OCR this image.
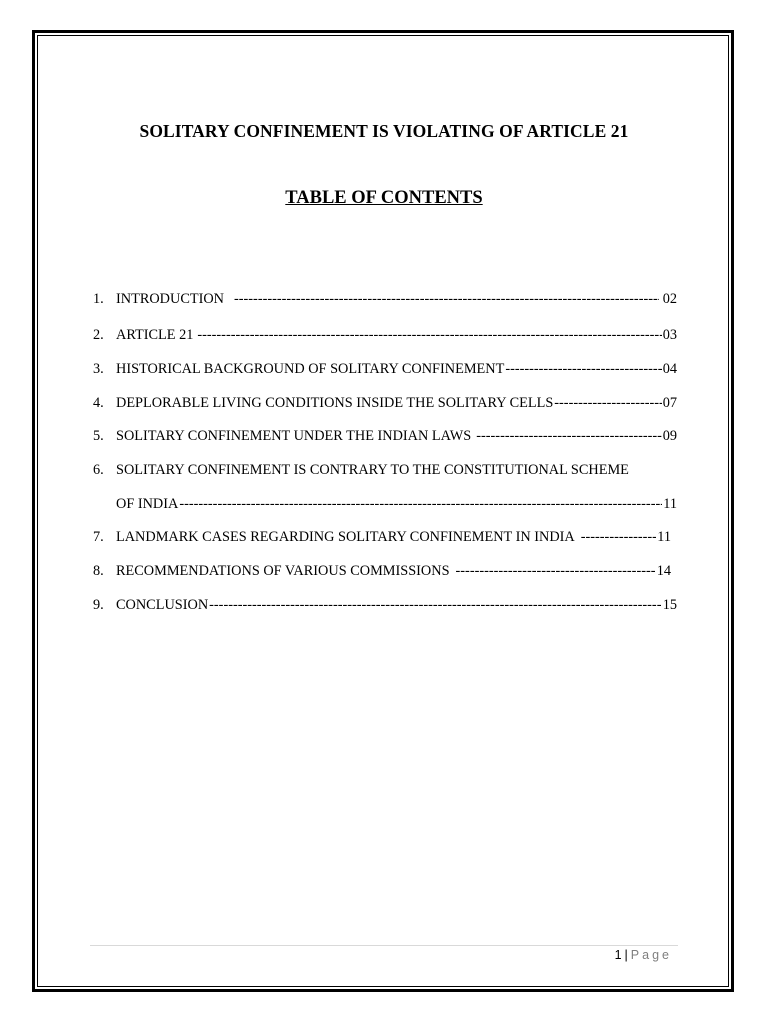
SOLITARY CONFINEMENT IS VIOLATING OF ARTICLE 21
TABLE OF CONTENTS
1. INTRODUCTION -----	02
2. ARTICLE 21 -----	03
3. HISTORICAL BACKGROUND OF SOLITARY CONFINEMENT -----	04
4. DEPLORABLE LIVING CONDITIONS INSIDE THE SOLITARY CELLS -----	07
5. SOLITARY CONFINEMENT UNDER THE INDIAN LAWS -----	09
6. SOLITARY CONFINEMENT IS CONTRARY TO THE CONSTITUTIONAL SCHEME
OF INDIA -----	11
7. LANDMARK CASES REGARDING SOLITARY CONFINEMENT IN INDIA -----	11
8. RECOMMENDATIONS OF VARIOUS COMMISSIONS -----	14
9. CONCLUSION -----	15
1 | Page
